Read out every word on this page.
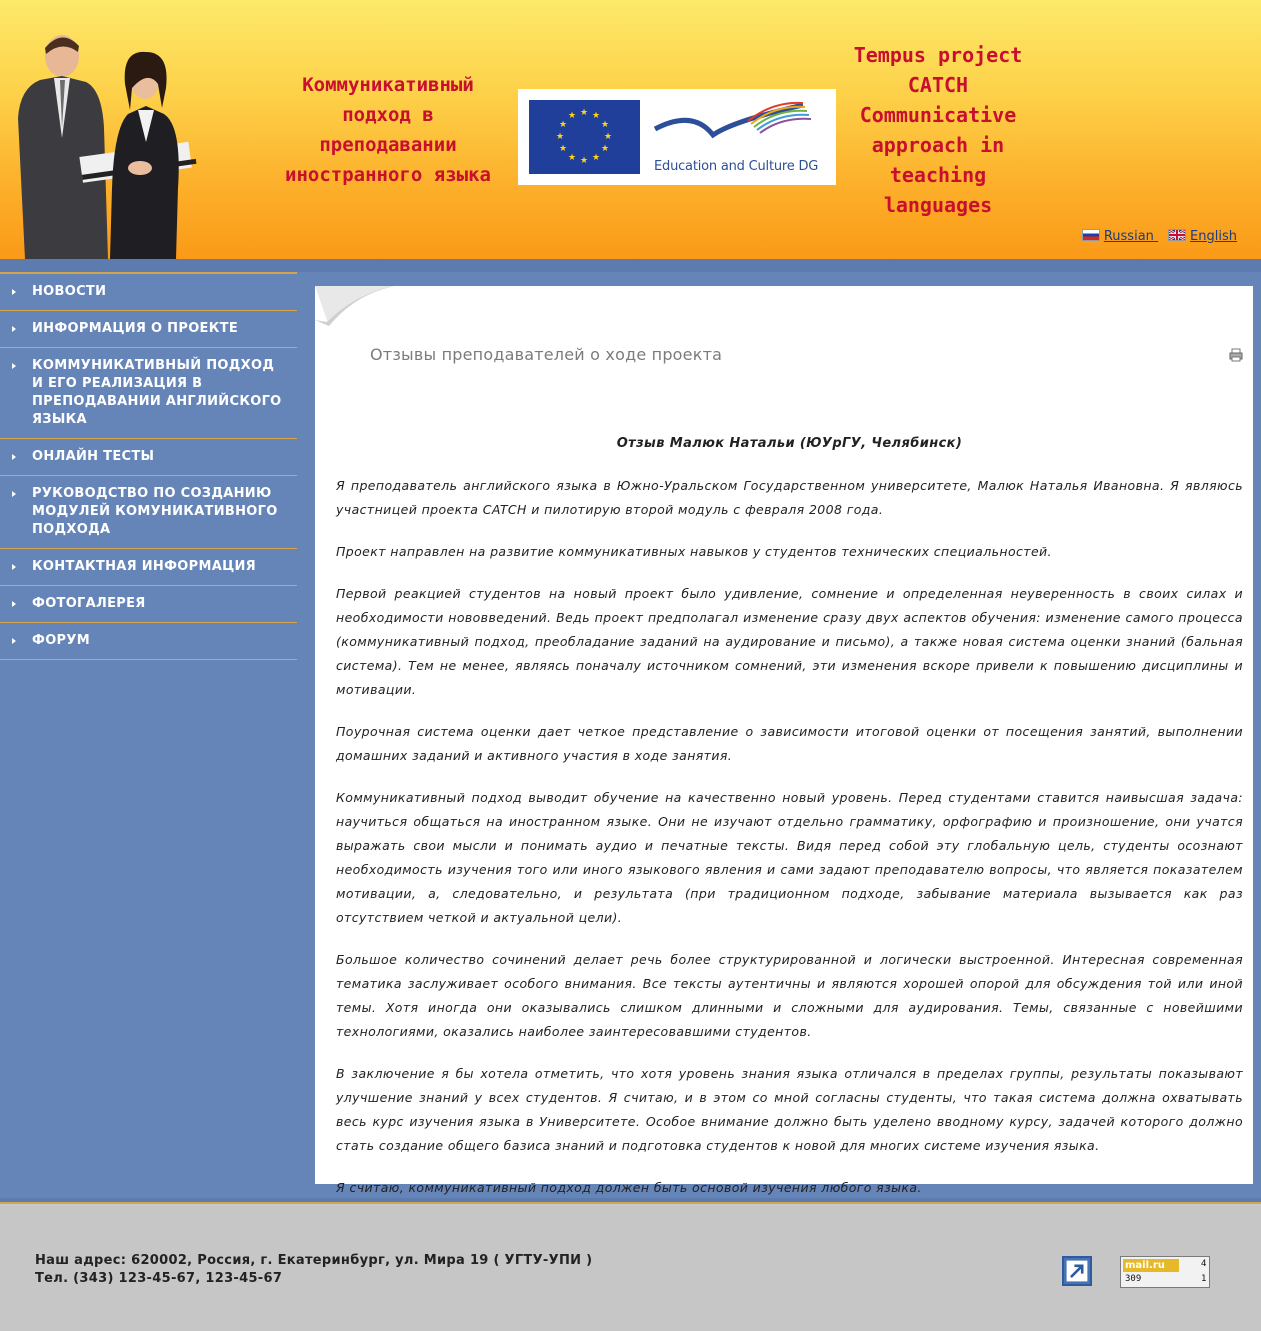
Коммуникативный подход в преподавании иностранного языка
★ ★
★
★
★
★
★
★
★
★
★
★
Education and Culture DG
Tempus project CATCH Communicative approach in teaching languages
Russian	English
НОВОСТИ
ИНФОРМАЦИЯ О ПРОЕКТЕ
КОММУНИКАТИВНЫЙ ПОДХОД И ЕГО РЕАЛИЗАЦИЯ В ПРЕПОДАВАНИИ АНГЛИЙСКОГО ЯЗЫКА
ОНЛАЙН ТЕСТЫ
РУКОВОДСТВО ПО СОЗДАНИЮ МОДУЛЕЙ КОМУНИКАТИВНОГО ПОДХОДА
КОНТАКТНАЯ ИНФОРМАЦИЯ
ФОТОГАЛЕРЕЯ
ФОРУМ
Отзывы преподавателей о ходе проекта
Отзыв Малюк Натальи (ЮУрГУ, Челябинск)

Я преподаватель английского языка в Южно-Уральском Государственном университете, Малюк Наталья Ивановна. Я являюсь участницей проекта CATCH и пилотирую второй модуль с февраля 2008 года.

Проект направлен на развитие коммуникативных навыков у студентов технических специальностей.

Первой реакцией студентов на новый проект было удивление, сомнение и определенная неуверенность в своих силах и необходимости нововведений. Ведь проект предполагал изменение сразу двух аспектов обучения: изменение самого процесса (коммуникативный подход, преобладание заданий на аудирование и письмо), а также новая система оценки знаний (бальная система). Тем не менее, являясь поначалу источником сомнений, эти изменения вскоре привели к повышению дисциплины и мотивации.

Поурочная система оценки дает четкое представление о зависимости итоговой оценки от посещения занятий, выполнении домашних заданий и активного участия в ходе занятия.

Коммуникативный подход выводит обучение на качественно новый уровень. Перед студентами ставится наивысшая задача: научиться общаться на иностранном языке. Они не изучают отдельно грамматику, орфографию и произношение, они учатся выражать свои мысли и понимать аудио и печатные тексты. Видя перед собой эту глобальную цель, студенты осознают необходимость изучения того или иного языкового явления и сами задают преподавателю вопросы, что является показателем мотивации, а, следовательно, и результата (при традиционном подходе, забывание материала вызывается как раз отсутствием четкой и актуальной цели).

Большое количество сочинений делает речь более структурированной и логически выстроенной. Интересная современная тематика заслуживает особого внимания. Все тексты аутентичны и являются хорошей опорой для обсуждения той или иной темы. Хотя иногда они оказывались слишком длинными и сложными для аудирования. Темы, связанные с новейшими технологиями, оказались наиболее заинтересовавшими студентов.

В заключение я бы хотела отметить, что хотя уровень знания языка отличался в пределах группы, результаты показывают улучшение знаний у всех студентов. Я считаю, и в этом со мной согласны студенты, что такая система должна охватывать весь курс изучения языка в Университете. Особое внимание должно быть уделено вводному курсу, задачей которого должно стать создание общего базиса знаний и подготовка студентов к новой для многих системе изучения языка.

Я считаю, коммуникативный подход должен быть основой изучения любого языка.

Наш адрес: 620002, Россия, г. Екатеринбург, ул. Мира 19 ( УГТУ-УПИ )
Тел. (343) 123-45-67, 123-45-67
mail.ru	4
309	1
